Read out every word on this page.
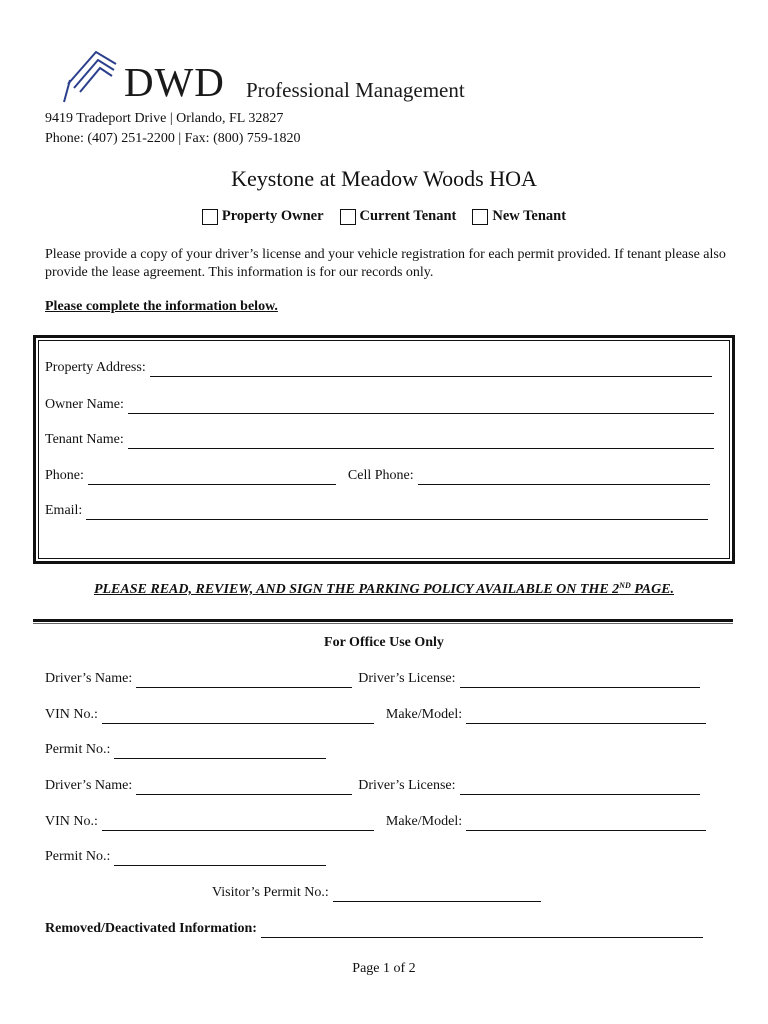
DWD Professional Management
9419 Tradeport Drive | Orlando, FL 32827
Phone: (407) 251-2200 | Fax: (800) 759-1820
Keystone at Meadow Woods HOA
Property Owner Current Tenant New Tenant
Please provide a copy of your driver’s license and your vehicle registration for each permit provided. If tenant please also provide the lease agreement. This information is for our records only.
Please complete the information below.
Property Address:
Owner Name:
Tenant Name:
Phone:	Cell Phone:
Email:
PLEASE READ, REVIEW, AND SIGN THE PARKING POLICY AVAILABLE ON THE 2ND PAGE.
For Office Use Only
Driver’s Name:	Driver’s License:
VIN No.:	Make/Model:
Permit No.:
Driver’s Name:	Driver’s License:
VIN No.:	Make/Model:
Permit No.:
Visitor’s Permit No.:
Removed/Deactivated Information:
Page 1 of 2
